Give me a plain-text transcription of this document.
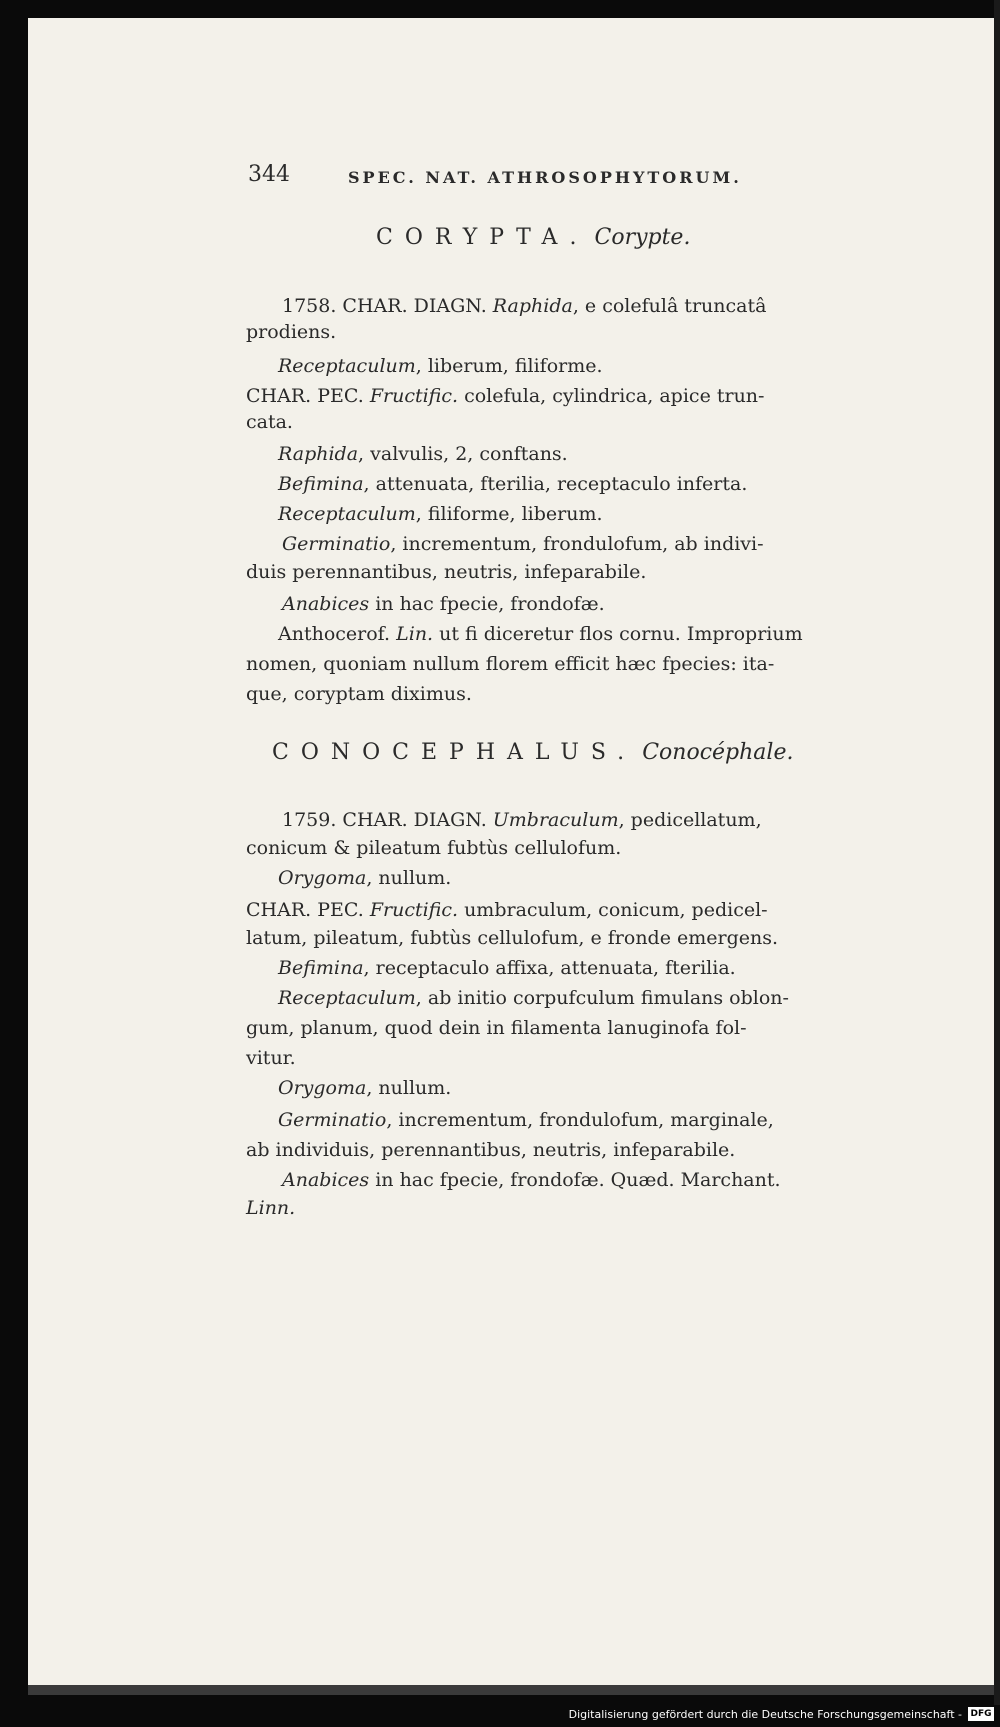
344	SPEC. NAT. ATHROSOPHYTORUM.
CORYPTA. Corypte.
1758. CHAR. DIAGN. Raphida, e colefulâ truncatâ
prodiens.
Receptaculum, liberum, filiforme.
CHAR. PEC. Fructific. colefula, cylindrica, apice trun-
cata.
Raphida, valvulis, 2, conftans.
Befimina, attenuata, fterilia, receptaculo inferta.
Receptaculum, filiforme, liberum.
Germinatio, incrementum, frondulofum, ab indivi-
duis perennantibus, neutris, infeparabile.
Anabices in hac fpecie, frondofæ.
Anthocerof. Lin. ut fi diceretur flos cornu. Improprium
nomen, quoniam nullum florem efficit hæc fpecies: ita-
que, coryptam diximus.
CONOCEPHALUS. Conocéphale.
1759. CHAR. DIAGN. Umbraculum, pedicellatum,
conicum & pileatum fubtùs cellulofum.
Orygoma, nullum.
CHAR. PEC. Fructific. umbraculum, conicum, pedicel-
latum, pileatum, fubtùs cellulofum, e fronde emergens.
Befimina, receptaculo affixa, attenuata, fterilia.
Receptaculum, ab initio corpufculum fimulans oblon-
gum, planum, quod dein in filamenta lanuginofa fol-
vitur.
Orygoma, nullum.
Germinatio, incrementum, frondulofum, marginale,
ab individuis, perennantibus, neutris, infeparabile.
Anabices in hac fpecie, frondofæ. Quæd. Marchant.
Linn.
Digitalisierung gefördert durch die Deutsche Forschungsgemeinschaft - DFG
